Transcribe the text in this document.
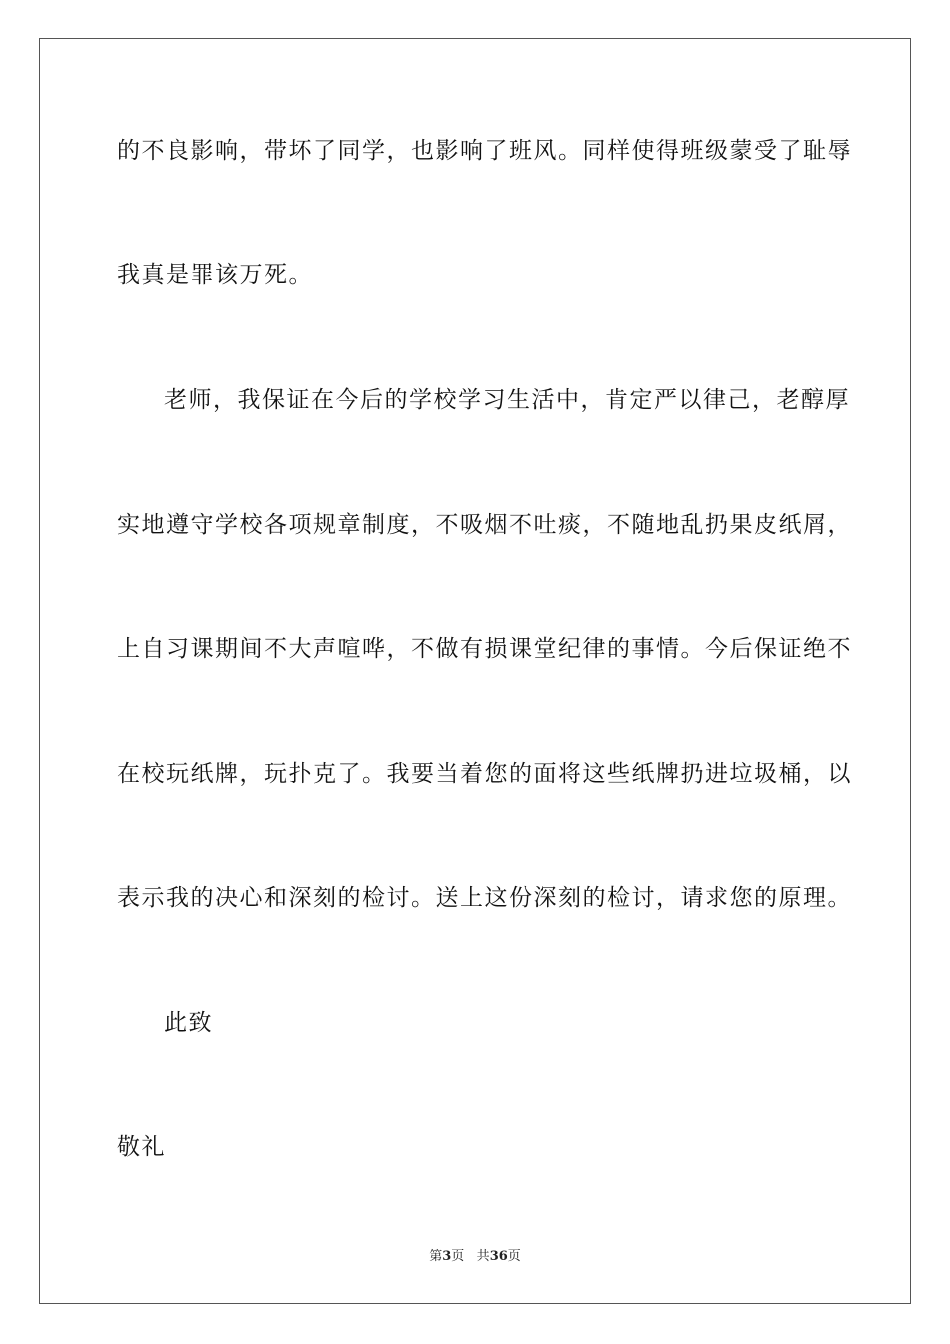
的不良影响，带坏了同学，也影响了班风。同样使得班级蒙受了耻辱
我真是罪该万死。
老师，我保证在今后的学校学习生活中，肯定严以律己，老醇厚
实地遵守学校各项规章制度，不吸烟不吐痰，不随地乱扔果皮纸屑，
上自习课期间不大声喧哗，不做有损课堂纪律的事情。今后保证绝不
在校玩纸牌，玩扑克了。我要当着您的面将这些纸牌扔进垃圾桶，以
表示我的决心和深刻的检讨。送上这份深刻的检讨，请求您的原理。
此致
敬礼
第3页 共36页
